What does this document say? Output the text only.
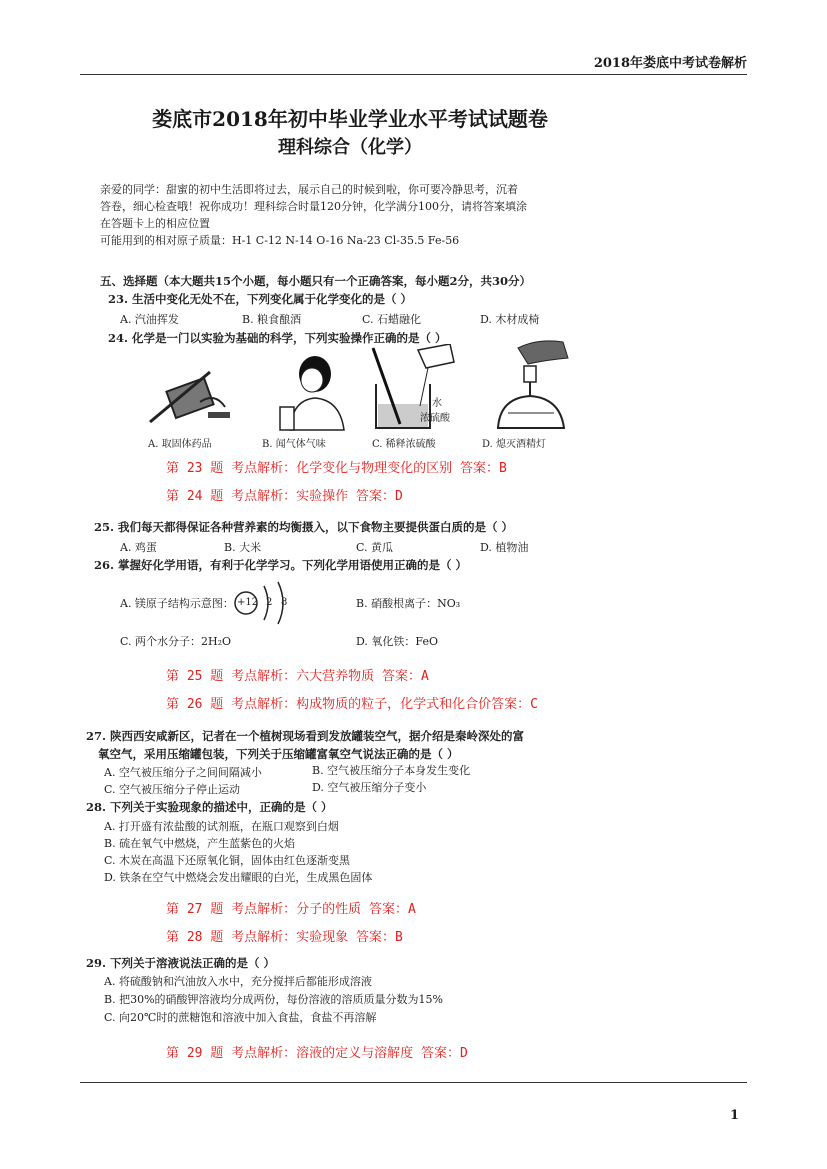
2018年娄底中考试卷解析
娄底市2018年初中毕业学业水平考试试题卷
理科综合（化学）
亲爱的同学：甜蜜的初中生活即将过去，展示自己的时候到啦，你可要冷静思考，沉着
答卷，细心检查哦！祝你成功！理科综合时量120分钟，化学满分100分，请将答案填涂
在答题卡上的相应位置
可能用到的相对原子质量：H-1 C-12 N-14 O-16 Na-23 Cl-35.5 Fe-56
五、选择题（本大题共15个小题，每小题只有一个正确答案，每小题2分，共30分）
23. 生活中变化无处不在，下列变化属于化学变化的是（ ）
A. 汽油挥发	B. 粮食酿酒	C. 石蜡融化	D. 木材成椅
24. 化学是一门以实验为基础的科学，下列实验操作正确的是（ ）
A. 取固体药品	B. 闻气体气味
水
浓硫酸
C. 稀释浓硫酸	D. 熄灭酒精灯
第 23 题 考点解析：化学变化与物理变化的区别 答案：B
第 24 题 考点解析：实验操作 答案：D
25. 我们每天都得保证各种营养素的均衡摄入，以下食物主要提供蛋白质的是（ ）
A. 鸡蛋	B. 大米	C. 黄瓜	D. 植物油
26. 掌握好化学用语，有利于化学学习。下列化学用语使用正确的是（ ）
A. 镁原子结构示意图： +12 2 8	B. 硝酸根离子：NO₃
C. 两个水分子：2H₂O	D. 氧化铁：FeO
第 25 题 考点解析：六大营养物质 答案：A
第 26 题 考点解析：构成物质的粒子，化学式和化合价答案：C
27. 陕西西安咸新区，记者在一个植树现场看到发放罐装空气，据介绍是秦岭深处的富
氧空气，采用压缩罐包装，下列关于压缩罐富氧空气说法正确的是（ ）
A. 空气被压缩分子之间间隔减小	B. 空气被压缩分子本身发生变化
C. 空气被压缩分子停止运动	D. 空气被压缩分子变小
28. 下列关于实验现象的描述中，正确的是（ ）
A. 打开盛有浓盐酸的试剂瓶，在瓶口观察到白烟
B. 硫在氧气中燃烧，产生蓝紫色的火焰
C. 木炭在高温下还原氧化铜，固体由红色逐渐变黑
D. 铁条在空气中燃烧会发出耀眼的白光，生成黑色固体
第 27 题 考点解析：分子的性质 答案：A
第 28 题 考点解析：实验现象 答案：B
29. 下列关于溶液说法正确的是（ ）
A. 将硫酸钠和汽油放入水中，充分搅拌后都能形成溶液
B. 把30%的硝酸钾溶液均分成两份，每份溶液的溶质质量分数为15%
C. 向20℃时的蔗糖饱和溶液中加入食盐，食盐不再溶解
第 29 题 考点解析：溶液的定义与溶解度 答案：D
1
